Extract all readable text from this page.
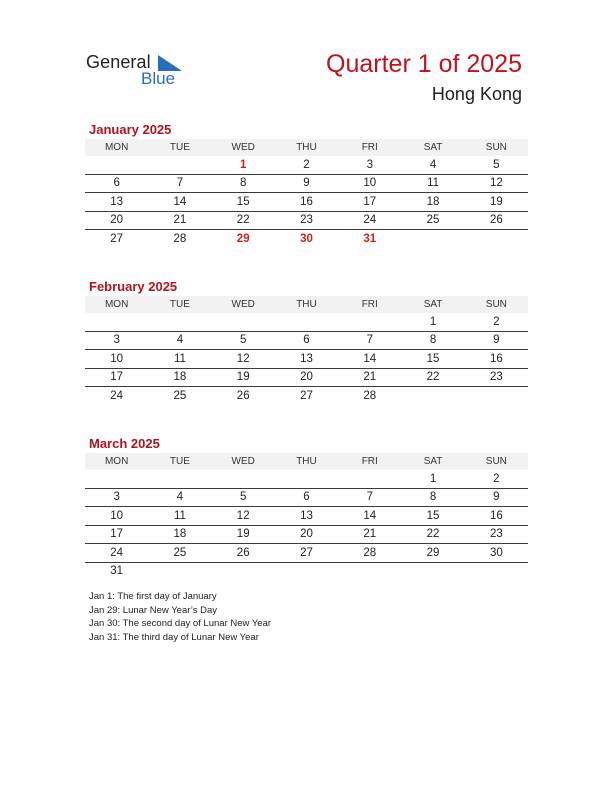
General
Blue
Quarter 1 of 2025
Hong Kong
January 2025
MON	TUE	WED	THU	FRI	SAT	SUN
		1	2	3	4	5
6	7	8	9	10	11	12
13	14	15	16	17	18	19
20	21	22	23	24	25	26
27	28	29	30	31		
February 2025
MON	TUE	WED	THU	FRI	SAT	SUN
					1	2
3	4	5	6	7	8	9
10	11	12	13	14	15	16
17	18	19	20	21	22	23
24	25	26	27	28		
March 2025
MON	TUE	WED	THU	FRI	SAT	SUN
					1	2
3	4	5	6	7	8	9
10	11	12	13	14	15	16
17	18	19	20	21	22	23
24	25	26	27	28	29	30
31						
Jan 1: The first day of January
Jan 29: Lunar New Year’s Day
Jan 30: The second day of Lunar New Year
Jan 31: The third day of Lunar New Year
